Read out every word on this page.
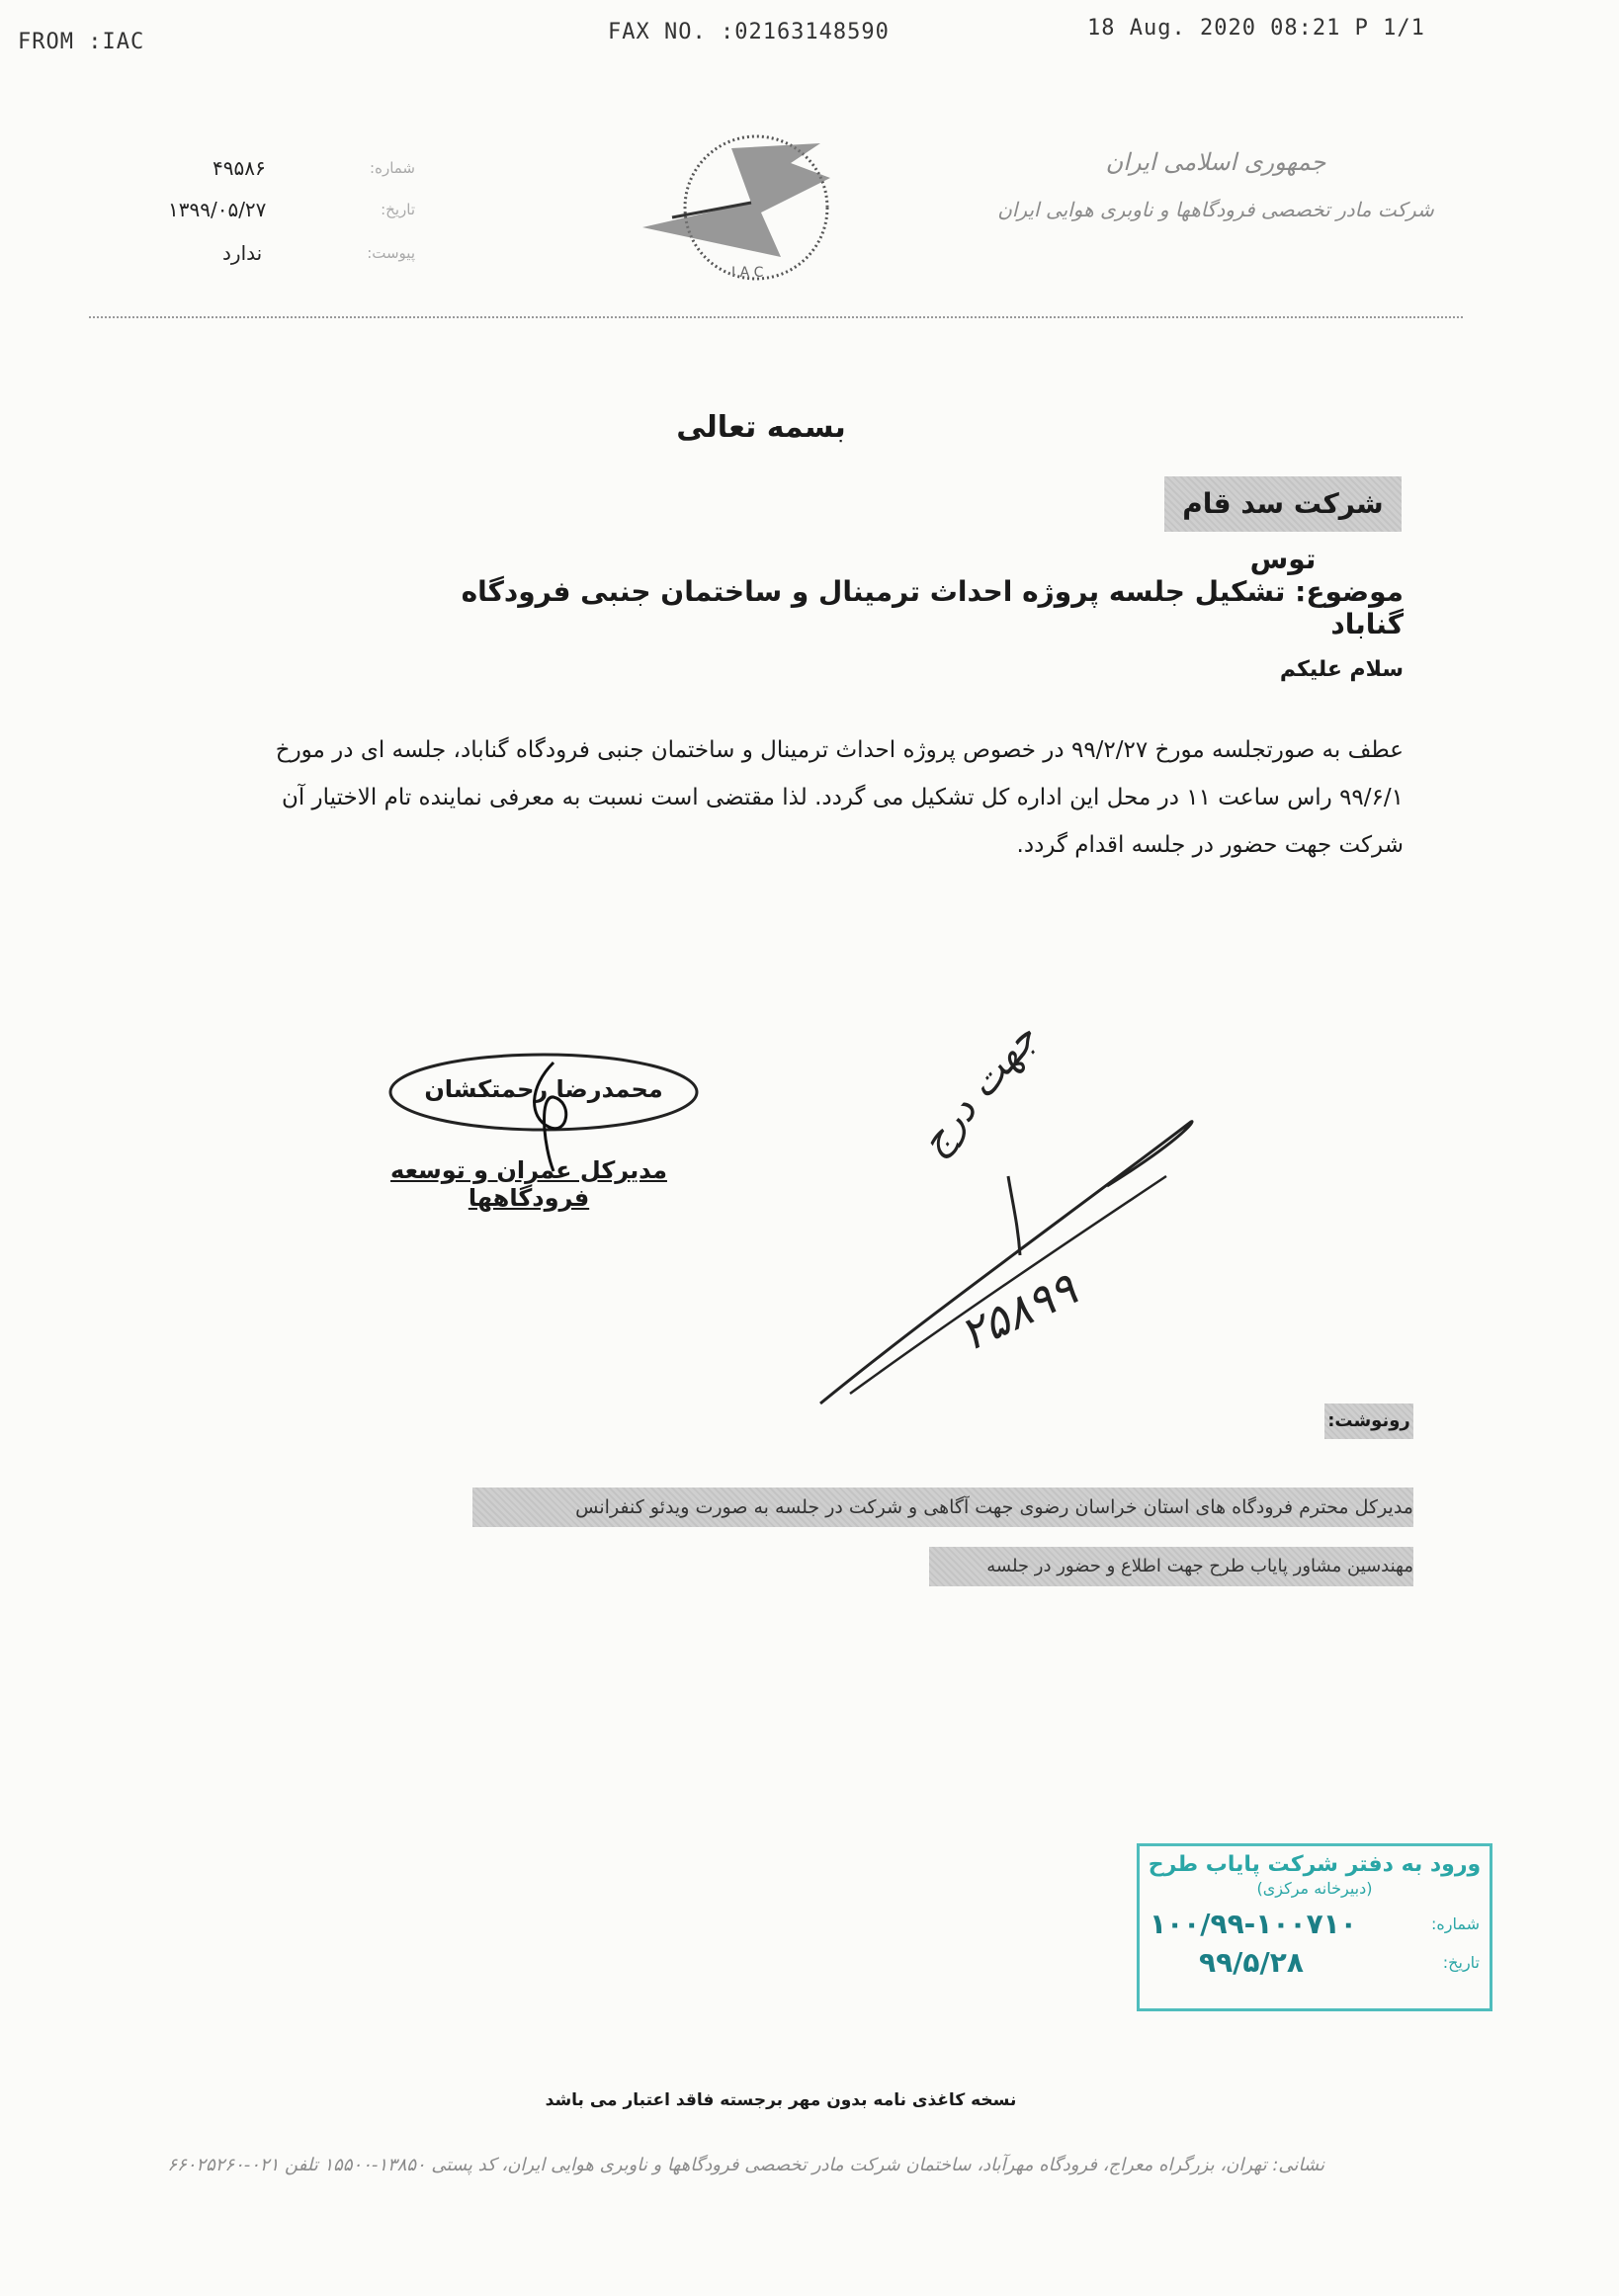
FROM :IAC	FAX NO. :02163148590	18 Aug. 2020 08:21 P 1/1
۴۹۵۸۶	شماره:
۱۳۹۹/۰۵/۲۷	تاریخ:
ندارد	پیوست:
I A C
جمهوری اسلامی ایران
شرکت مادر تخصصی فرودگاهها و ناوبری هوایی ایران
بسمه تعالی
شرکت سد قام توس
موضوع: تشکیل جلسه پروژه احداث ترمینال و ساختمان جنبی فرودگاه گناباد
سلام علیکم
عطف به صورتجلسه مورخ ۹۹/۲/۲۷ در خصوص پروژه احداث ترمینال و ساختمان جنبی فرودگاه گناباد، جلسه ای در مورخ
۹۹/۶/۱ راس ساعت ۱۱ در محل این اداره کل تشکیل می گردد. لذا مقتضی است نسبت به معرفی نماینده تام الاختیار آن
شرکت جهت حضور در جلسه اقدام گردد.
محمدرضا رحمتکشان
مدیرکل عمران و توسعه فرودگاهها
جهت درج
۲۵۸۹۹
رونوشت:
مدیرکل محترم فرودگاه های استان خراسان رضوی جهت آگاهی و شرکت در جلسه به صورت ویدئو کنفرانس
مهندسین مشاور پایاب طرح جهت اطلاع و حضور در جلسه
ورود به دفتر شرکت پایاب طرح
(دبیرخانه مرکزی)
۱۰۰/۹۹-۱۰۰۷۱۰	شماره:
۹۹/۵/۲۸	تاریخ:
نسخه کاغذی نامه بدون مهر برجسته فاقد اعتبار می باشد
نشانی: تهران، بزرگراه معراج، فرودگاه مهرآباد، ساختمان شرکت مادر تخصصی فرودگاهها و ناوبری هوایی ایران، کد پستی ۱۳۸۵۰-۱۵۵۰۰ تلفن ۰۲۱-۶۶۰۲۵۲۶۰
